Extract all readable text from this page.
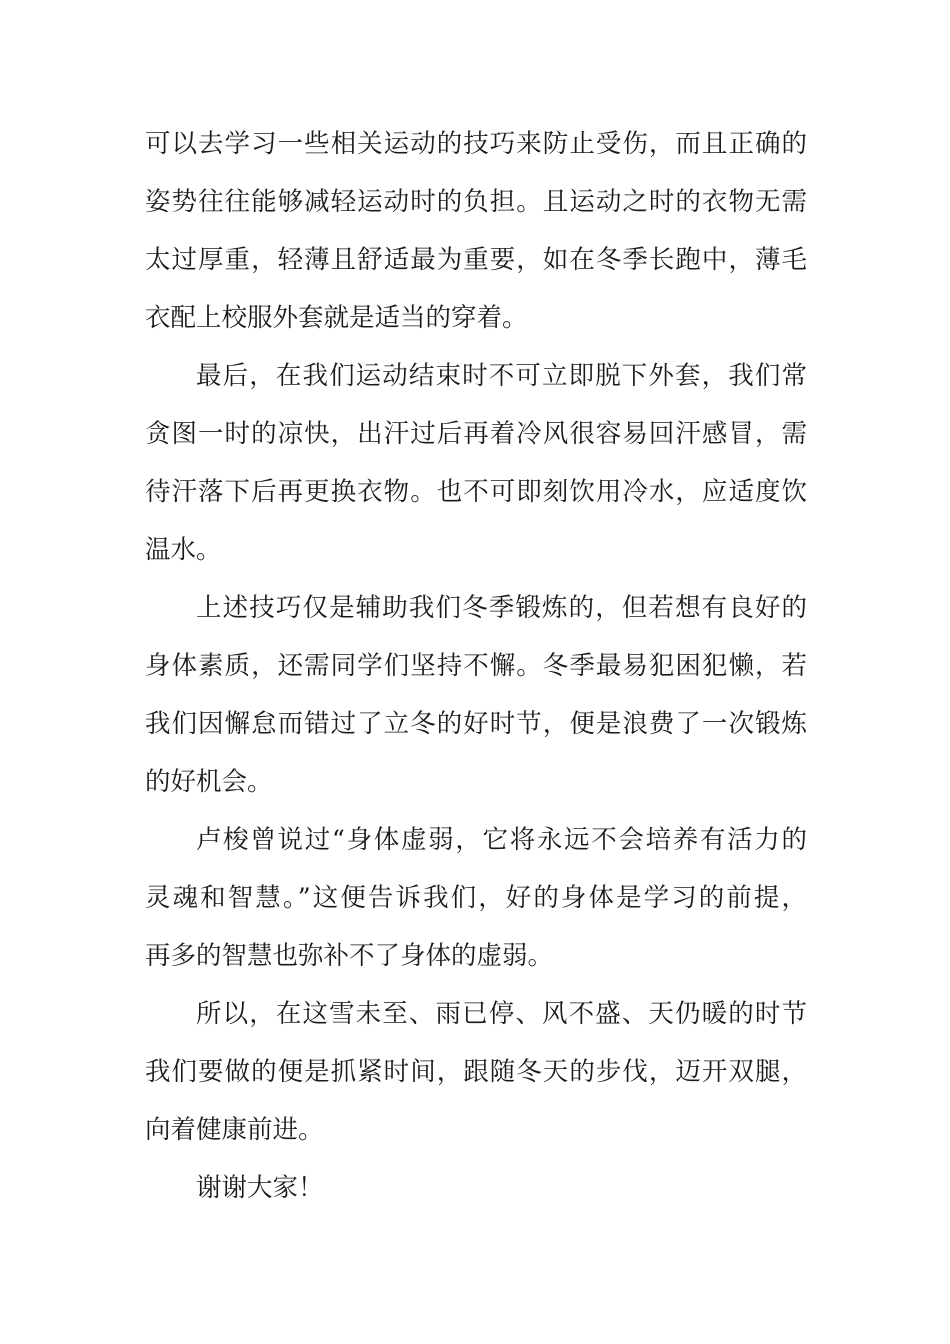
可以去学习一些相关运动的技巧来防止受伤，而且正确的
姿势往往能够减轻运动时的负担。且运动之时的衣物无需
太过厚重，轻薄且舒适最为重要，如在冬季长跑中，薄毛
衣配上校服外套就是适当的穿着。
最后，在我们运动结束时不可立即脱下外套，我们常
贪图一时的凉快，出汗过后再着冷风很容易回汗感冒，需
待汗落下后再更换衣物。也不可即刻饮用冷水，应适度饮
温水。
上述技巧仅是辅助我们冬季锻炼的，但若想有良好的
身体素质，还需同学们坚持不懈。冬季最易犯困犯懒，若
我们因懈怠而错过了立冬的好时节，便是浪费了一次锻炼
的好机会。
卢梭曾说过“身体虚弱，它将永远不会培养有活力的
灵魂和智慧。”这便告诉我们，好的身体是学习的前提，
再多的智慧也弥补不了身体的虚弱。
所以，在这雪未至、雨已停、风不盛、天仍暖的时节
我们要做的便是抓紧时间，跟随冬天的步伐，迈开双腿，
向着健康前进。
谢谢大家！
